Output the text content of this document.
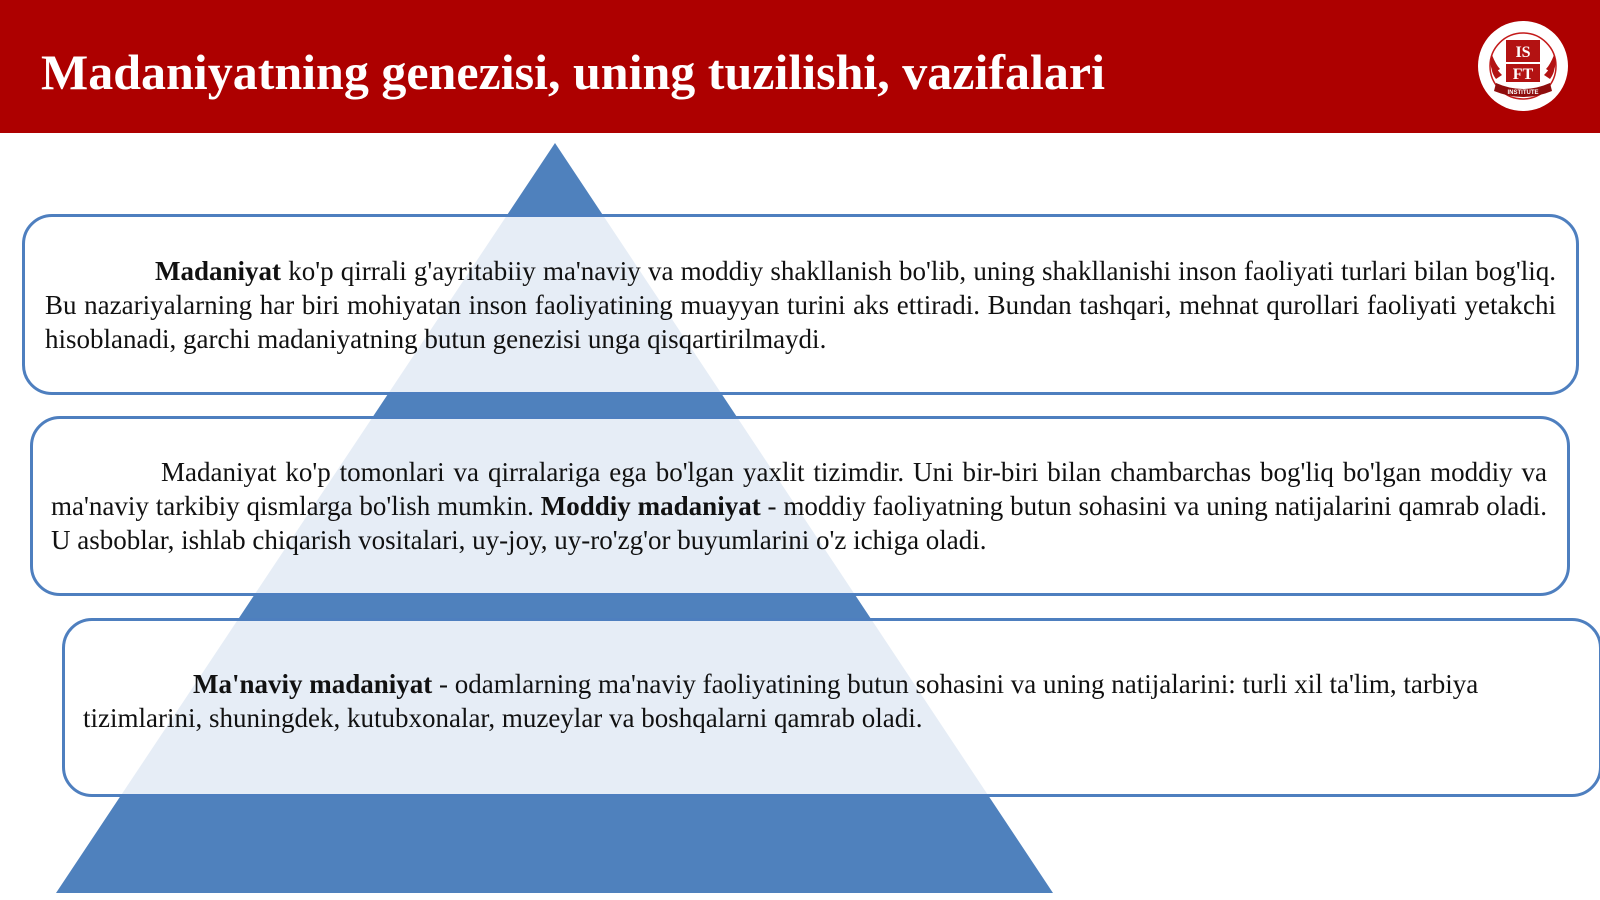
Madaniyatning genezisi, uning tuzilishi, vazifalari	IS
FT
INSTITUTE

Madaniyat ko'p qirrali g'ayritabiiy ma'naviy va moddiy shakllanish bo'lib, uning shakllanishi inson faoliyati turlari bilan bog'liq. Bu nazariyalarning har biri mohiyatan inson faoliyatining muayyan turini aks ettiradi. Bundan tashqari, mehnat qurollari faoliyati yetakchi hisoblanadi, garchi madaniyatning butun genezisi unga qisqartirilmaydi.

Madaniyat ko'p tomonlari va qirralariga ega bo'lgan yaxlit tizimdir. Uni bir-biri bilan chambarchas bog'liq bo'lgan moddiy va ma'naviy tarkibiy qismlarga bo'lish mumkin. Moddiy madaniyat - moddiy faoliyatning butun sohasini va uning natijalarini qamrab oladi. U asboblar, ishlab chiqarish vositalari, uy-joy, uy-ro'zg'or buyumlarini o'z ichiga oladi.

Ma'naviy madaniyat - odamlarning ma'naviy faoliyatining butun sohasini va uning natijalarini: turli xil ta'lim, tarbiya tizimlarini, shuningdek, kutubxonalar, muzeylar va boshqalarni qamrab oladi.
